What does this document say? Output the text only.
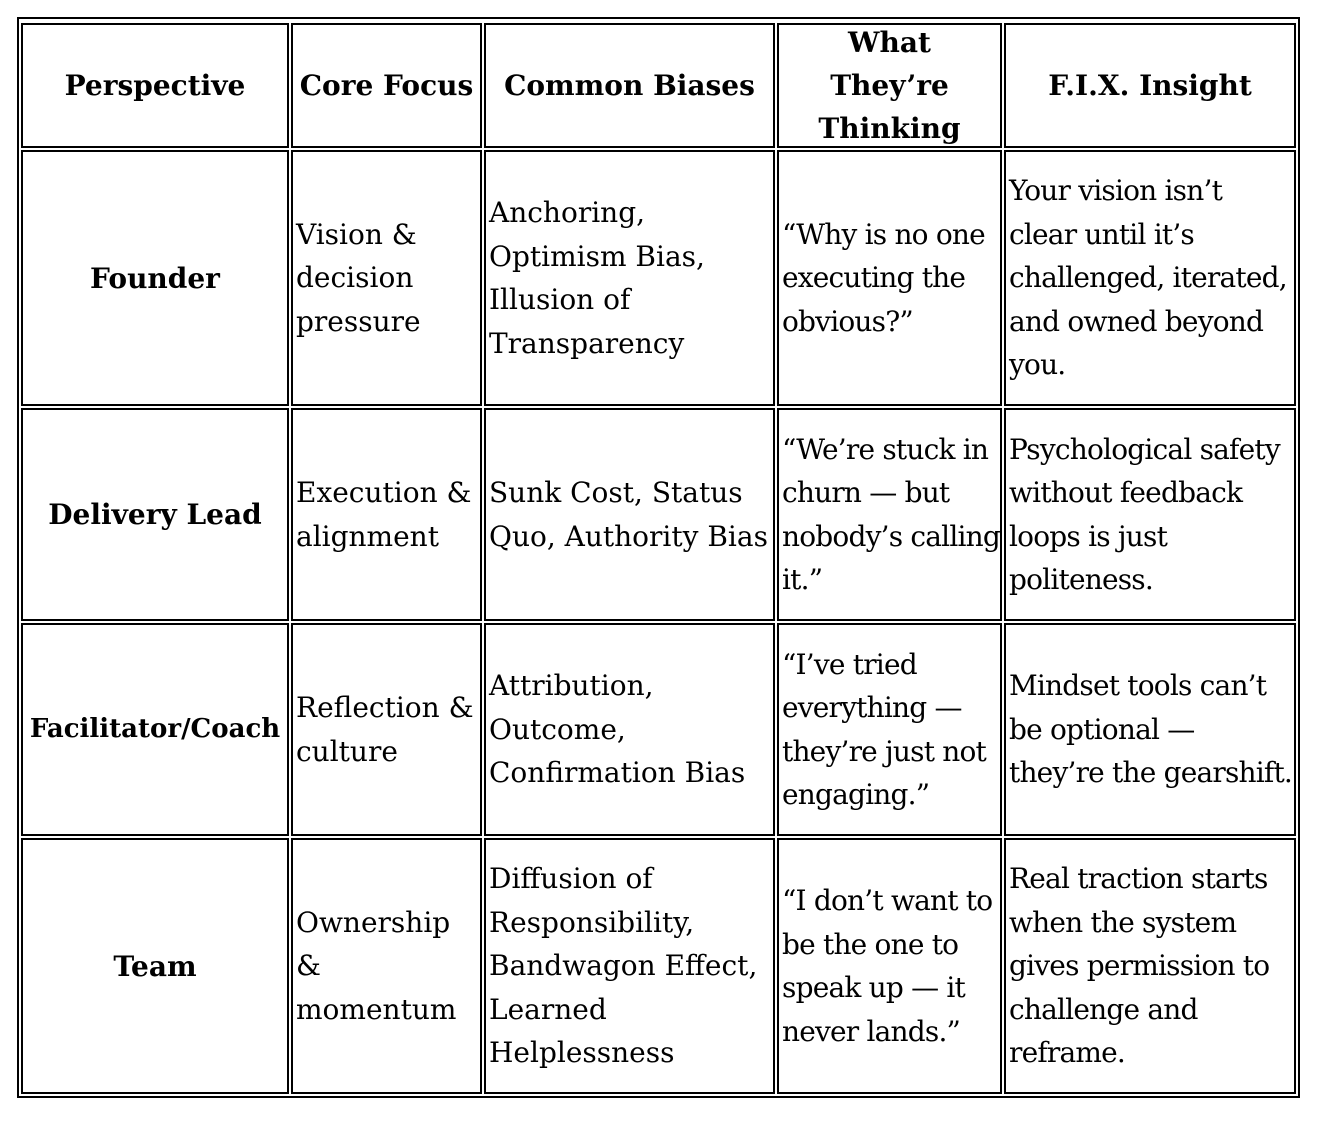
Perspective Core Focus Common Biases
What They’re Thinking
F.I.X. Insight
Founder
Vision & decision pressure
Anchoring, Optimism Bias, Illusion of Transparency
“Why is no one executing the obvious?”
Your vision isn’t clear until it’s challenged, iterated, and owned beyond you.
Delivery Lead
Execution & alignment
Sunk Cost, Status Quo, Authority Bias
“We’re stuck in churn — but nobody’s calling it.”
Psychological safety without feedback loops is just politeness.
Facilitator/Coach
Reflection & culture
Attribution, Outcome, Confirmation Bias
“I’ve tried everything — they’re just not engaging.”
Mindset tools can’t be optional — they’re the gearshift.
Team
Ownership & momentum
Diffusion of Responsibility, Bandwagon Effect, Learned Helplessness
“I don’t want to be the one to speak up — it never lands.”
Real traction starts when the system gives permission to challenge and reframe.
